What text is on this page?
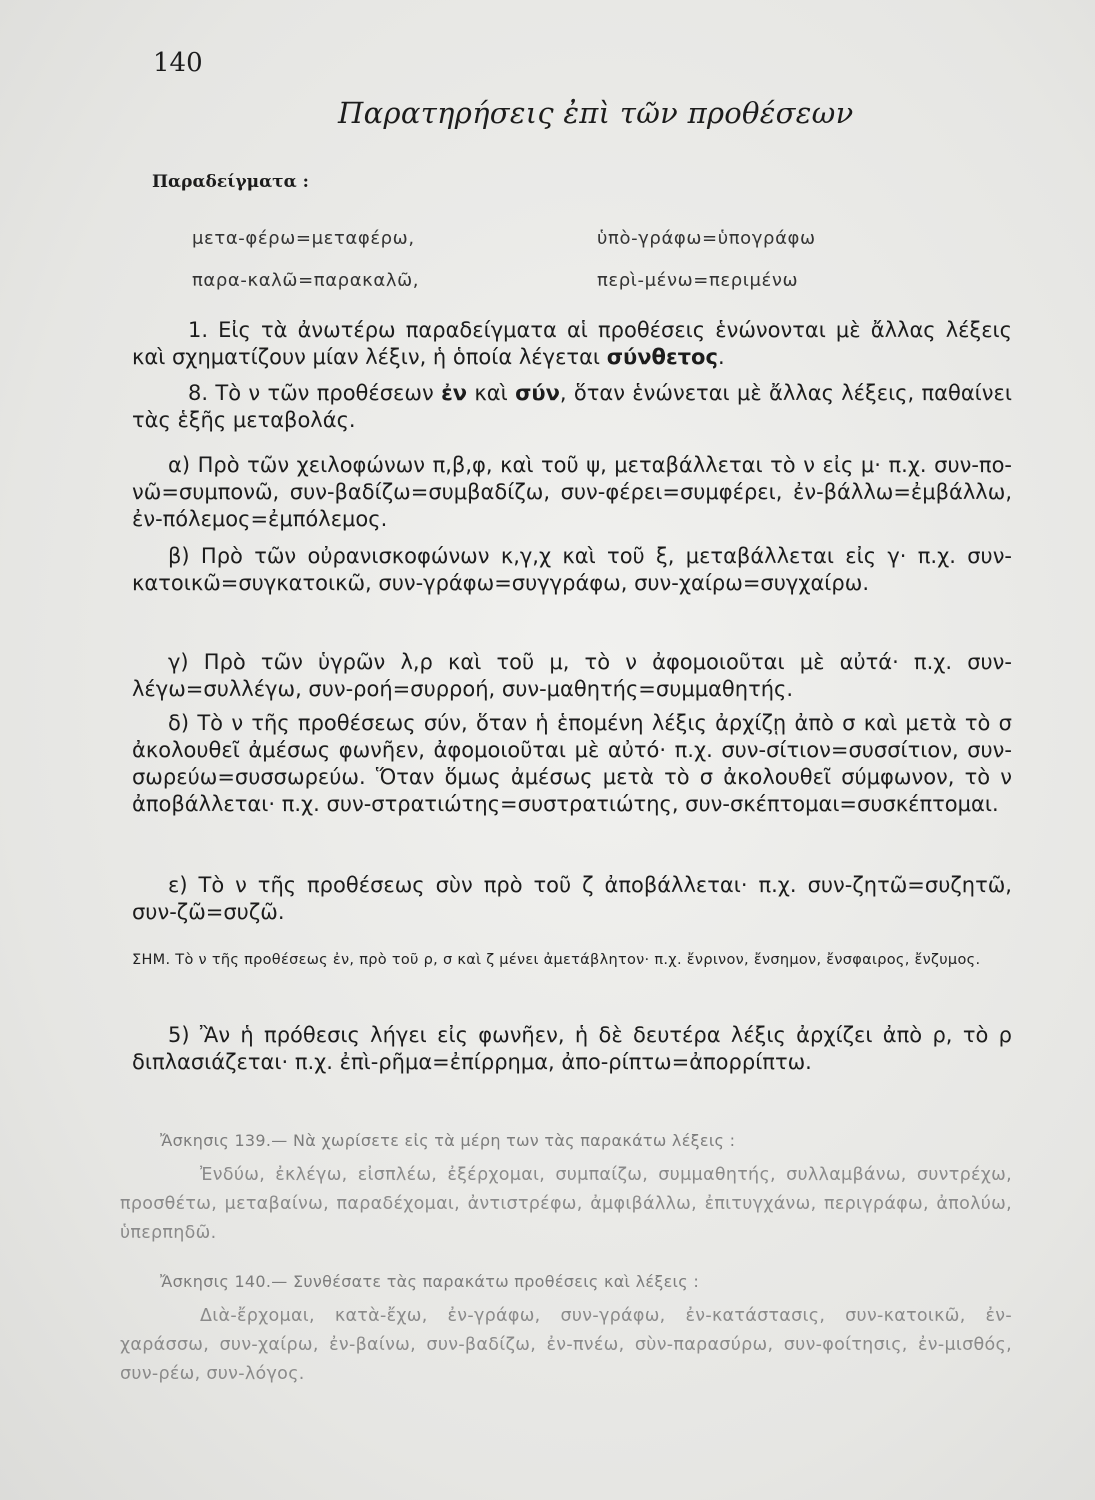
140
Παρατηρήσεις ἐπὶ τῶν προθέσεων
Παραδείγματα :
μετα-φέρω=μεταφέρω,
παρα-καλῶ=παρακαλῶ,
ὑπὸ-γράφω=ὑπογράφω
περὶ-μένω=περιμένω
1. Εἰς τὰ ἀνωτέρω παραδείγματα αἱ προθέσεις ἑνώνονται μὲ ἄλλας λέξεις καὶ σχηματίζουν μίαν λέξιν, ἡ ὁποία λέγεται σύνθετος.
8. Τὸ ν τῶν προθέσεων ἐν καὶ σύν, ὅταν ἑνώνεται μὲ ἄλλας λέξεις, παθαίνει τὰς ἑξῆς μεταβολάς.
α) Πρὸ τῶν χειλοφώνων π,β,φ, καὶ τοῦ ψ, μεταβάλλεται τὸ ν εἰς μ· π.χ. συν-πο-νῶ=συμπονῶ, συν-βαδίζω=συμβαδίζω, συν-φέρει=συμφέρει, ἐν-βάλλω=ἐμβάλλω, ἐν-πόλεμος=ἐμπόλεμος.
β) Πρὸ τῶν οὐρανισκοφώνων κ,γ,χ καὶ τοῦ ξ, μεταβάλλεται εἰς γ· π.χ. συν-κατοικῶ=συγκατοικῶ, συν-γράφω=συγγράφω, συν-χαίρω=συγχαίρω.
γ) Πρὸ τῶν ὑγρῶν λ,ρ καὶ τοῦ μ, τὸ ν ἀφομοιοῦται μὲ αὐτά· π.χ. συν-λέγω=συλλέγω, συν-ροή=συρροή, συν-μαθητής=συμμαθητής.
δ) Τὸ ν τῆς προθέσεως σύν, ὅταν ἡ ἑπομένη λέξις ἀρχίζῃ ἀπὸ σ καὶ μετὰ τὸ σ ἀκολουθεῖ ἀμέσως φωνῆεν, ἀφομοιοῦται μὲ αὐτό· π.χ. συν-σίτιον=συσσίτιον, συν-σωρεύω=συσσωρεύω. Ὅταν ὅμως ἀμέσως μετὰ τὸ σ ἀκολουθεῖ σύμφωνον, τὸ ν ἀποβάλλεται· π.χ. συν-στρατιώτης=συστρατιώτης, συν-σκέπτομαι=συσκέπτομαι.
ε) Τὸ ν τῆς προθέσεως σὺν πρὸ τοῦ ζ ἀποβάλλεται· π.χ. συν-ζητῶ=συζητῶ, συν-ζῶ=συζῶ.
ΣΗΜ. Τὸ ν τῆς προθέσεως ἐν, πρὸ τοῦ ρ, σ καὶ ζ μένει ἀμετάβλητον· π.χ. ἔνρινον, ἔνσημον, ἔνσφαιρος, ἔνζυμος.
5) Ἂν ἡ πρόθεσις λήγει εἰς φωνῆεν, ἡ δὲ δευτέρα λέξις ἀρχίζει ἀπὸ ρ, τὸ ρ διπλασιάζεται· π.χ. ἐπὶ-ρῆμα=ἐπίρρημα, ἀπο-ρίπτω=ἀπορρίπτω.
Ἄσκησις 139.— Νὰ χωρίσετε εἰς τὰ μέρη των τὰς παρακάτω λέξεις :
Ἐνδύω, ἐκλέγω, εἰσπλέω, ἐξέρχομαι, συμπαίζω, συμμαθητής, συλλαμβάνω, συντρέχω, προσθέτω, μεταβαίνω, παραδέχομαι, ἀντιστρέφω, ἀμφιβάλλω, ἐπιτυγχάνω, περιγράφω, ἀπολύω, ὑπερπηδῶ.
Ἄσκησις 140.— Συνθέσατε τὰς παρακάτω προθέσεις καὶ λέξεις :
Διὰ-ἔρχομαι, κατὰ-ἔχω, ἐν-γράφω, συν-γράφω, ἐν-κατάστασις, συν-κατοικῶ, ἐν-χαράσσω, συν-χαίρω, ἐν-βαίνω, συν-βαδίζω, ἐν-πνέω, σὺν-παρασύρω, συν-φοίτησις, ἐν-μισθός, συν-ρέω, συν-λόγος.
